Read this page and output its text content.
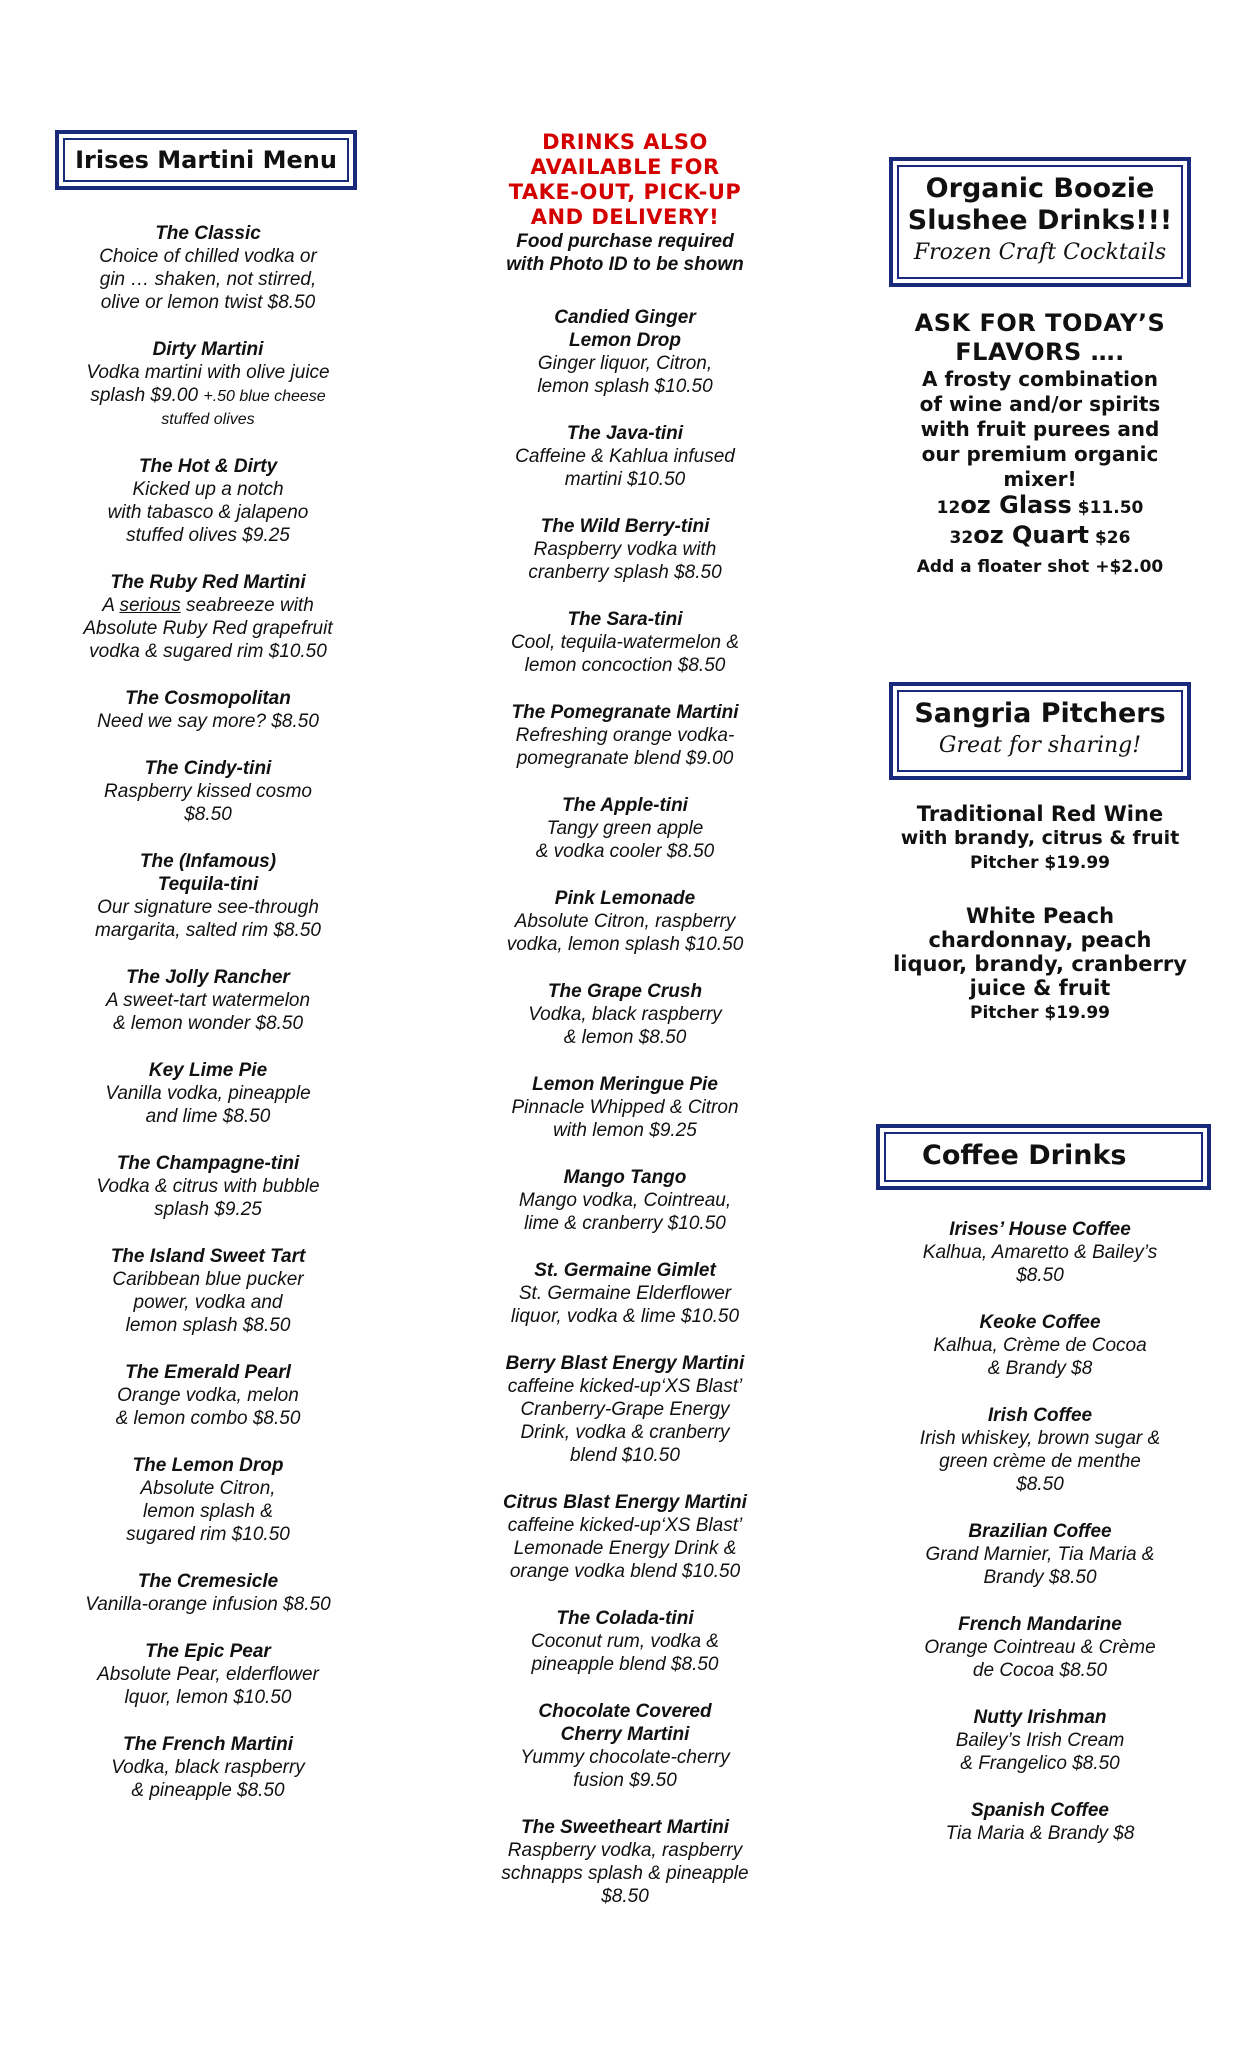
Irises Martini Menu
The Classic
Choice of chilled vodka or
gin … shaken, not stirred,
olive or lemon twist $8.50
Dirty Martini
Vodka martini with olive juice
splash $9.00 +.50 blue cheese
stuffed olives
The Hot & Dirty
Kicked up a notch
with tabasco & jalapeno
stuffed olives $9.25
The Ruby Red Martini
A serious seabreeze with
Absolute Ruby Red grapefruit
vodka & sugared rim $10.50
The Cosmopolitan
Need we say more? $8.50
The Cindy-tini
Raspberry kissed cosmo
$8.50
The (Infamous)
Tequila-tini
Our signature see-through
margarita, salted rim $8.50
The Jolly Rancher
A sweet-tart watermelon
& lemon wonder $8.50
Key Lime Pie
Vanilla vodka, pineapple
and lime $8.50
The Champagne-tini
Vodka & citrus with bubble
splash $9.25
The Island Sweet Tart
Caribbean blue pucker
power, vodka and
lemon splash $8.50
The Emerald Pearl
Orange vodka, melon
& lemon combo $8.50
The Lemon Drop
Absolute Citron,
lemon splash &
sugared rim $10.50
The Cremesicle
Vanilla-orange infusion $8.50
The Epic Pear
Absolute Pear, elderflower
lquor, lemon $10.50
The French Martini
Vodka, black raspberry
& pineapple $8.50
DRINKS ALSO
AVAILABLE FOR
TAKE-OUT, PICK-UP
AND DELIVERY!
Food purchase required
with Photo ID to be shown
Candied Ginger
Lemon Drop
Ginger liquor, Citron,
lemon splash $10.50
The Java-tini
Caffeine & Kahlua infused
martini $10.50
The Wild Berry-tini
Raspberry vodka with
cranberry splash $8.50
The Sara-tini
Cool, tequila-watermelon &
lemon concoction $8.50
The Pomegranate Martini
Refreshing orange vodka-
pomegranate blend $9.00
The Apple-tini
Tangy green apple
& vodka cooler $8.50
Pink Lemonade
Absolute Citron, raspberry
vodka, lemon splash $10.50
The Grape Crush
Vodka, black raspberry
& lemon $8.50
Lemon Meringue Pie
Pinnacle Whipped & Citron
with lemon $9.25
Mango Tango
Mango vodka, Cointreau,
lime & cranberry $10.50
St. Germaine Gimlet
St. Germaine Elderflower
liquor, vodka & lime $10.50
Berry Blast Energy Martini
caffeine kicked-up‘XS Blast’
Cranberry-Grape Energy
Drink, vodka & cranberry
blend $10.50
Citrus Blast Energy Martini
caffeine kicked-up‘XS Blast’
Lemonade Energy Drink &
orange vodka blend $10.50
The Colada-tini
Coconut rum, vodka &
pineapple blend $8.50
Chocolate Covered
Cherry Martini
Yummy chocolate-cherry
fusion $9.50
The Sweetheart Martini
Raspberry vodka, raspberry
schnapps splash & pineapple
$8.50
Organic Boozie
Slushee Drinks!!!
Frozen Craft Cocktails
ASK FOR TODAY’S
FLAVORS ….
A frosty combination
of wine and/or spirits
with fruit purees and
our premium organic
mixer!
12oz Glass $11.50
32oz Quart $26
Add a floater shot +$2.00
Sangria Pitchers
Great for sharing!
Traditional Red Wine
with brandy, citrus & fruit
Pitcher $19.99
White Peach
chardonnay, peach
liquor, brandy, cranberry
juice & fruit
Pitcher $19.99
Coffee Drinks
Irises’ House Coffee
Kalhua, Amaretto & Bailey’s
$8.50
Keoke Coffee
Kalhua, Crème de Cocoa
& Brandy $8
Irish Coffee
Irish whiskey, brown sugar &
green crème de menthe
$8.50
Brazilian Coffee
Grand Marnier, Tia Maria &
Brandy $8.50
French Mandarine
Orange Cointreau & Crème
de Cocoa $8.50
Nutty Irishman
Bailey’s Irish Cream
& Frangelico $8.50
Spanish Coffee
Tia Maria & Brandy $8
